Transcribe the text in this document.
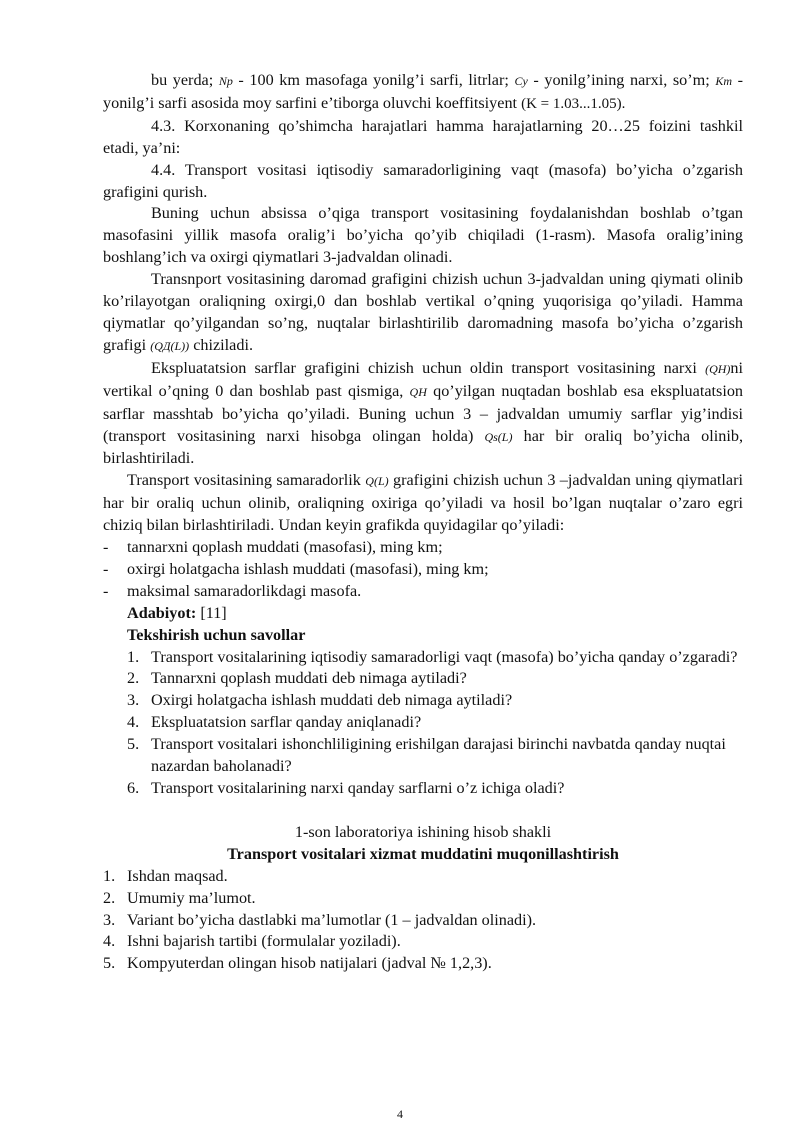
bu yerda; Np - 100 km masofaga yonilg’i sarfi, litrlar; Cy - yonilg’ining narxi, so’m; Km - yonilg’i sarfi asosida moy sarfini e’tiborga oluvchi koeffitsiyent (K = 1.03...1.05).

4.3. Korxonaning qo’shimcha harajatlari hamma harajatlarning 20…25 foizini tashkil etadi, ya’ni:

4.4. Transport vositasi iqtisodiy samaradorligining vaqt (masofa) bo’yicha o’zgarish grafigini qurish.

Buning uchun absissa o’qiga transport vositasining foydalanishdan boshlab o’tgan masofasini yillik masofa oralig’i bo’yicha qo’yib chiqiladi (1-rasm). Masofa oralig’ining boshlang’ich va oxirgi qiymatlari 3-jadvaldan olinadi.

Transnport vositasining daromad grafigini chizish uchun 3-jadvaldan uning qiymati olinib ko’rilayotgan oraliqning oxirgi,0 dan boshlab vertikal o’qning yuqorisiga qo’yiladi. Hamma qiymatlar qo’yilgandan so’ng, nuqtalar birlashtirilib daromadning masofa bo’yicha o’zgarish grafigi (QД(L)) chiziladi.

Ekspluatatsion sarflar grafigini chizish uchun oldin transport vositasining narxi (QH)ni vertikal o’qning 0 dan boshlab past qismiga, QH qo’yilgan nuqtadan boshlab esa ekspluatatsion sarflar masshtab bo’yicha qo’yiladi. Buning uchun 3 – jadvaldan umumiy sarflar yig’indisi (transport vositasining narxi hisobga olingan holda) Qs(L) har bir oraliq bo’yicha olinib, birlashtiriladi.

Transport vositasining samaradorlik Q(L) grafigini chizish uchun 3 –jadvaldan uning qiymatlari har bir oraliq uchun olinib, oraliqning oxiriga qo’yiladi va hosil bo’lgan nuqtalar o’zaro egri chiziq bilan birlashtiriladi. Undan keyin grafikda quyidagilar qo’yiladi:

- tannarxni qoplash muddati (masofasi), ming km;
- oxirgi holatgacha ishlash muddati (masofasi), ming km;
- maksimal samaradorlikdagi masofa.

Adabiyot: [11]

Tekshirish uchun savollar

1. Transport vositalarining iqtisodiy samaradorligi vaqt (masofa) bo’yicha qanday o’zgaradi?
2. Tannarxni qoplash muddati deb nimaga aytiladi?
3. Oxirgi holatgacha ishlash muddati deb nimaga aytiladi?
4. Ekspluatatsion sarflar qanday aniqlanadi?
5. Transport vositalari ishonchliligining erishilgan darajasi birinchi navbatda qanday nuqtai nazardan baholanadi?
6. Transport vositalarining narxi qanday sarflarni o’z ichiga oladi?

1-son laboratoriya ishining hisob shakli

Transport vositalari xizmat muddatini muqonillashtirish

1. Ishdan maqsad.
2. Umumiy ma’lumot.
3. Variant bo’yicha dastlabki ma’lumotlar (1 – jadvaldan olinadi).
4. Ishni bajarish tartibi (formulalar yoziladi).
5. Kompyuterdan olingan hisob natijalari (jadval № 1,2,3).
4
